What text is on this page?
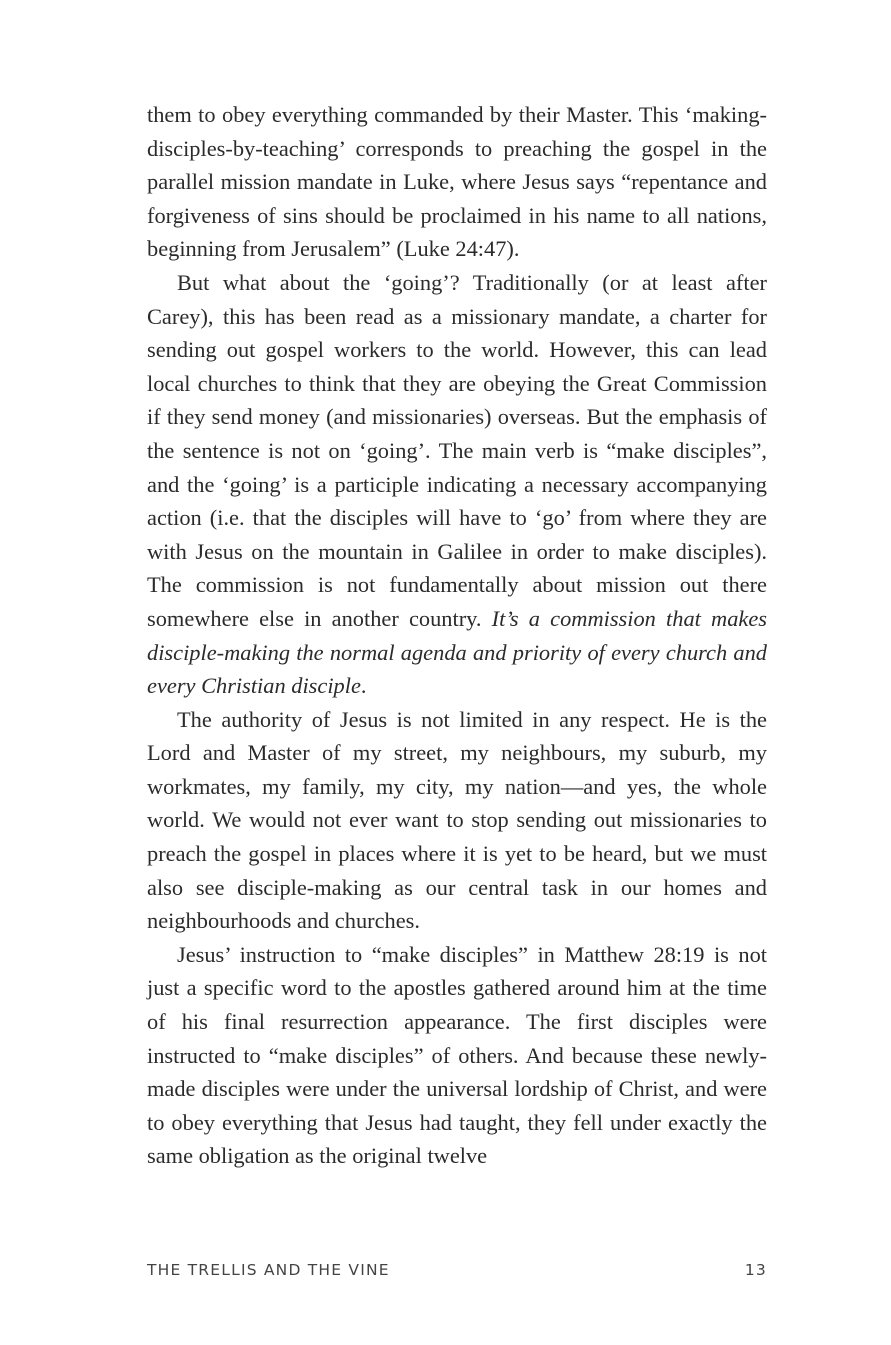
them to obey everything commanded by their Master. This ‘making-disciples-by-teaching’ corresponds to preaching the gospel in the parallel mission mandate in Luke, where Jesus says “repentance and forgiveness of sins should be proclaimed in his name to all nations, beginning from Jerusalem” (Luke 24:47).

But what about the ‘going’? Traditionally (or at least after Carey), this has been read as a missionary mandate, a charter for sending out gospel workers to the world. However, this can lead local churches to think that they are obeying the Great Commission if they send money (and missionaries) overseas. But the emphasis of the sentence is not on ‘going’. The main verb is “make disciples”, and the ‘going’ is a participle indicating a necessary accompanying action (i.e. that the disciples will have to ‘go’ from where they are with Jesus on the mountain in Galilee in order to make disciples). The commission is not fundamentally about mission out there somewhere else in another country. It’s a commission that makes disciple-making the normal agenda and priority of every church and every Christian disciple.

The authority of Jesus is not limited in any respect. He is the Lord and Master of my street, my neighbours, my suburb, my workmates, my family, my city, my nation—and yes, the whole world. We would not ever want to stop sending out missionaries to preach the gospel in places where it is yet to be heard, but we must also see disciple-making as our central task in our homes and neighbourhoods and churches.

Jesus’ instruction to “make disciples” in Matthew 28:19 is not just a specific word to the apostles gathered around him at the time of his final resurrection appearance. The first disciples were instructed to “make disciples” of others. And because these newly-made disciples were under the universal lordship of Christ, and were to obey everything that Jesus had taught, they fell under exactly the same obligation as the original twelve

THE TRELLIS AND THE VINE	13
